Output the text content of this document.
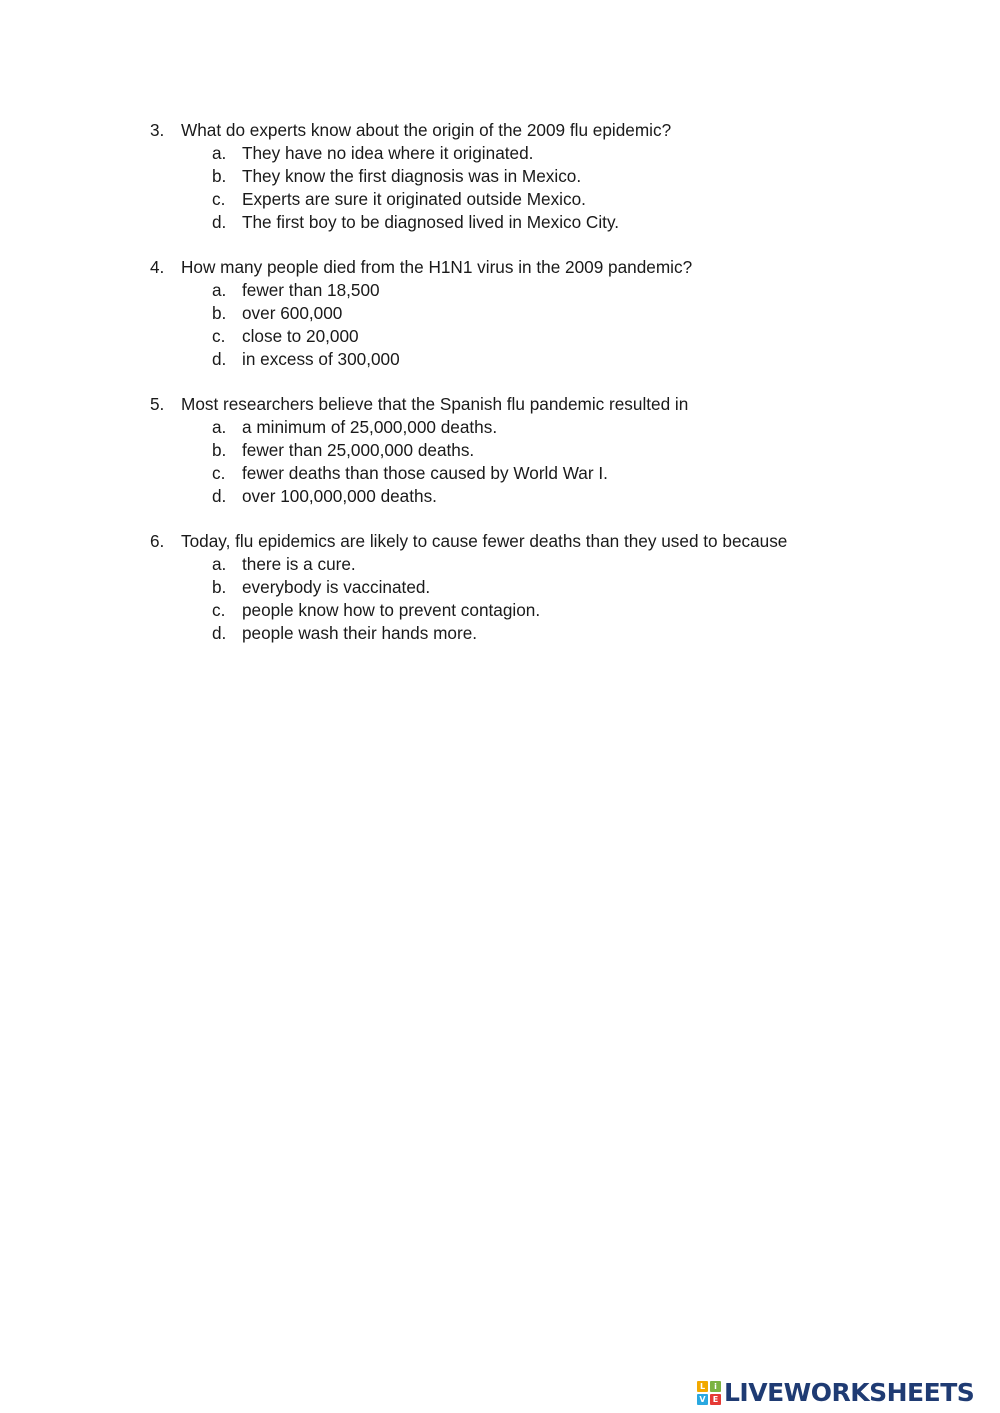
3. What do experts know about the origin of the 2009 flu epidemic?
a. They have no idea where it originated.
b. They know the first diagnosis was in Mexico.
c. Experts are sure it originated outside Mexico.
d. The first boy to be diagnosed lived in Mexico City.
4. How many people died from the H1N1 virus in the 2009 pandemic?
a. fewer than 18,500
b. over 600,000
c. close to 20,000
d. in excess of 300,000
5. Most researchers believe that the Spanish flu pandemic resulted in
a. a minimum of 25,000,000 deaths.
b. fewer than 25,000,000 deaths.
c. fewer deaths than those caused by World War I.
d. over 100,000,000 deaths.
6. Today, flu epidemics are likely to cause fewer deaths than they used to because
a. there is a cure.
b. everybody is vaccinated.
c. people know how to prevent contagion.
d. people wash their hands more.
L	i
V E LIVEWORKSHEETS
